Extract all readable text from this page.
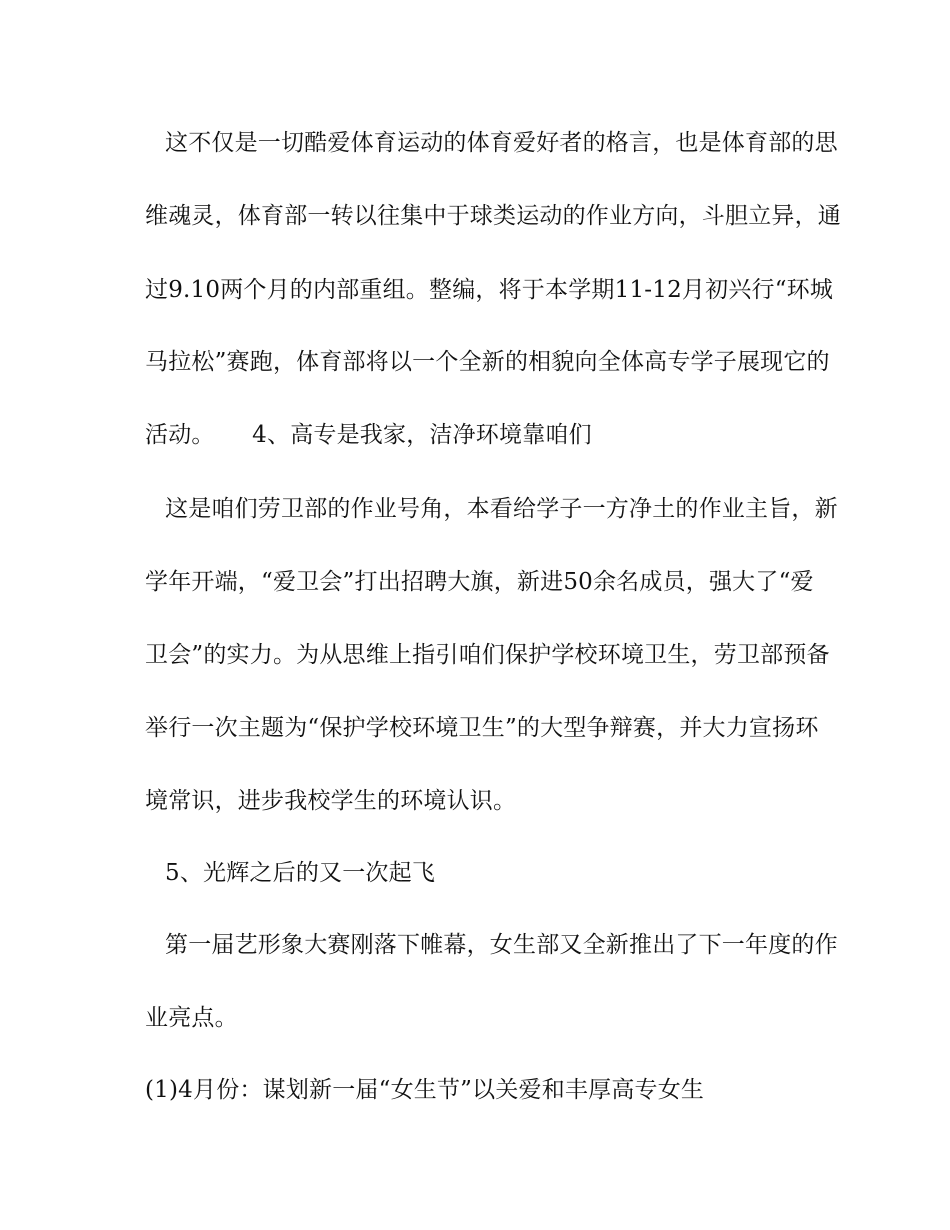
这不仅是一切酷爱体育运动的体育爱好者的格言，也是体育部的思

维魂灵，体育部一转以往集中于球类运动的作业方向，斗胆立异，通

过9.10两个月的内部重组。整编，将于本学期11-12月初兴行“环城

马拉松”赛跑，体育部将以一个全新的相貌向全体高专学子展现它的

活动。     4、高专是我家，洁净环境靠咱们

这是咱们劳卫部的作业号角，本看给学子一方净土的作业主旨，新

学年开端，“爱卫会”打出招聘大旗，新进50余名成员，强大了“爱

卫会”的实力。为从思维上指引咱们保护学校环境卫生，劳卫部预备

举行一次主题为“保护学校环境卫生”的大型争辩赛，并大力宣扬环

境常识，进步我校学生的环境认识。

5、光辉之后的又一次起飞

第一届艺形象大赛刚落下帷幕，女生部又全新推出了下一年度的作

业亮点。

(1)4月份：谋划新一届“女生节”以关爱和丰厚高专女生
